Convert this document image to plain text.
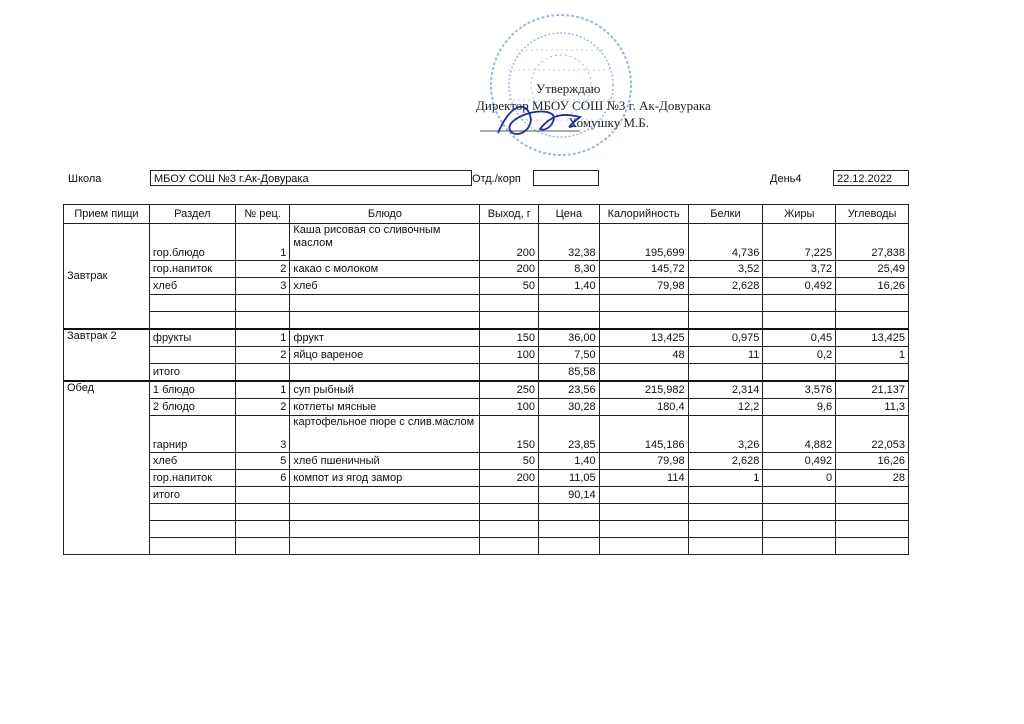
Утверждаю
Директор МБОУ СОШ №3 г. Ак-Довурака
Хомушку М.Б.
Школа	МБОУ СОШ №3 г.Ак-Довурака	Отд./корп	День4	22.12.2022
Прием пищи	Раздел	№ рец.	Блюдо	Выход, г	Цена	Калорийность	Белки	Жиры	Углеводы
Завтрак	гор.блюдо	1	Каша рисовая со сливочным маслом	200	32,38	195,699	4,736	7,225	27,838
	гор.напиток	2	какао с молоком	200	8,30	145,72	3,52	3,72	25,49
	хлеб	3	хлеб	50	1,40	79,98	2,628	0,492	16,26

Завтрак 2	фрукты	1	фрукт	150	36,00	13,425	0,975	0,45	13,425
		2	яйцо вареное	100	7,50	48	11	0,2	1
	итого				85,58				
Обед	1 блюдо	1	суп рыбный	250	23,56	215,982	2,314	3,576	21,137
	2 блюдо	2	котлеты мясные	100	30,28	180,4	12,2	9,6	11,3
	гарнир	3	картофельное пюре с слив.маслом	150	23,85	145,186	3,26	4,882	22,053
	хлеб	5	хлеб пшеничный	50	1,40	79,98	2,628	0,492	16,26
	гор.напиток	6	компот из ягод замор	200	11,05	114	1	0	28
	итого				90,14				
